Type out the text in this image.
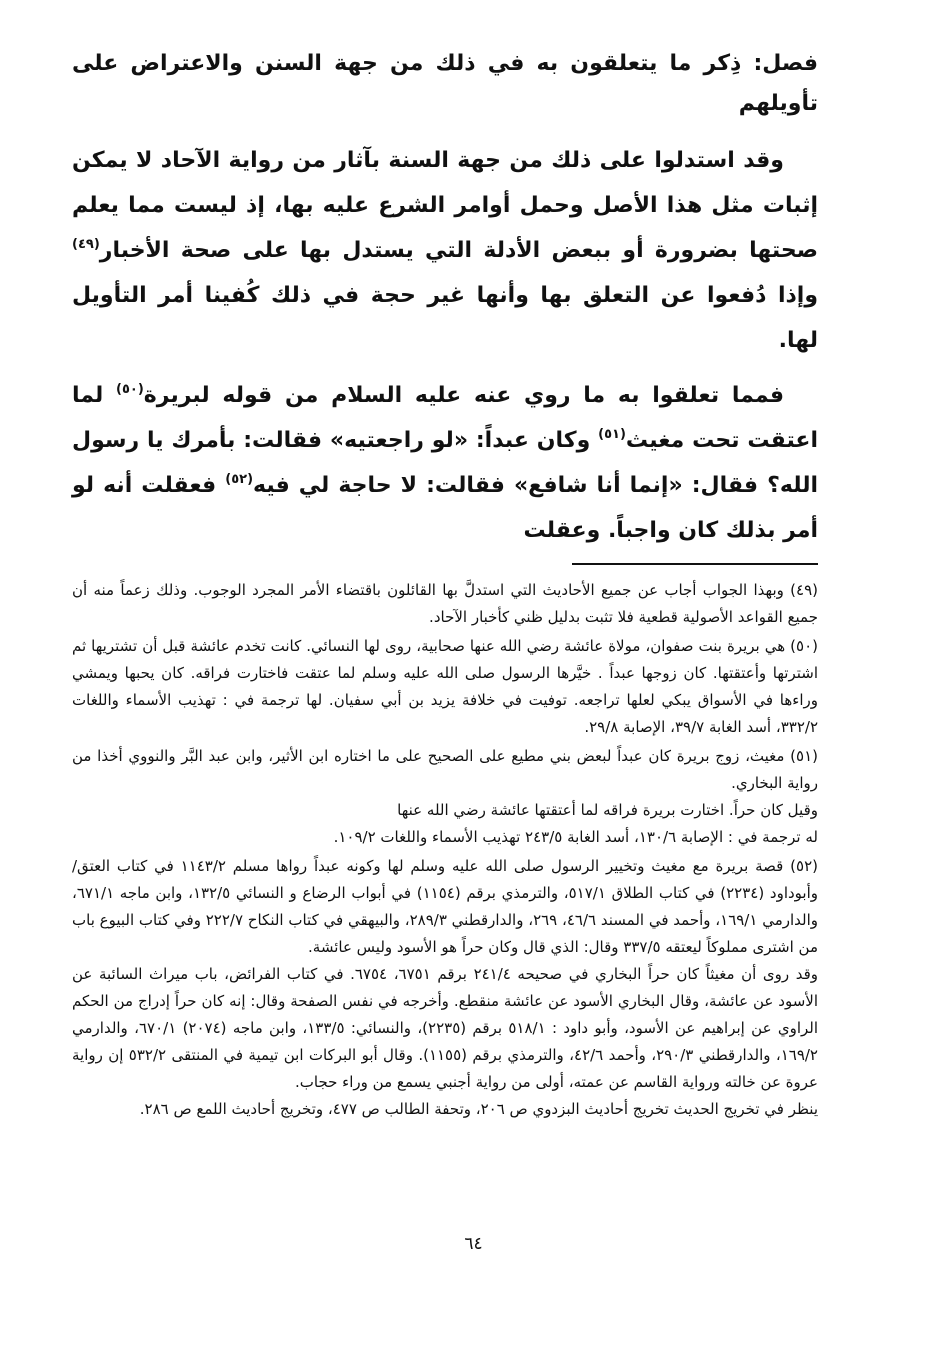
فصل: ذِكر ما يتعلقون به في ذلك من جهة السنن والاعتراض على تأويلهم

وقد استدلوا على ذلك من جهة السنة بآثار من رواية الآحاد لا يمكن إثبات مثل هذا الأصل وحمل أوامر الشرع عليه بها، إذ ليست مما يعلم صحتها بضرورة أو ببعض الأدلة التي يستدل بها على صحة الأخبار$^{(٤٩)}$ وإذا دُفعوا عن التعلق بها وأنها غير حجة في ذلك كُفينا أمر التأويل لها.

فمما تعلقوا به ما روي عنه عليه السلام من قوله لبريرة$^{(٥٠)}$ لما اعتقت تحت مغيث$^{(٥١)}$ وكان عبداً: «لو راجعتيه» فقالت: بأمرك يا رسول الله؟ فقال: «إنما أنا شافع» فقالت: لا حاجة لي فيه$^{(٥٢)}$ فعقلت أنه لو أمر بذلك كان واجباً. وعقلت

(٤٩) وبهذا الجواب أجاب عن جميع الأحاديث التي استدلَّ بها القائلون باقتضاء الأمر المجرد الوجوب. وذلك زعماً منه أن جميع القواعد الأصولية قطعية فلا تثبت بدليل ظني كأخبار الآحاد.
(٥٠) هي بريرة بنت صفوان، مولاة عائشة رضي الله عنها صحابية، روى لها النسائي. كانت تخدم عائشة قبل أن تشتريها ثم اشترتها وأعتقتها. كان زوجها عبداً . خيَّرها الرسول صلى الله عليه وسلم لما عتقت فاختارت فراقه. كان يحبها ويمشي وراءها في الأسواق يبكي لعلها تراجعه. توفيت في خلافة يزيد بن أبي سفيان. لها ترجمة في : تهذيب الأسماء واللغات ٣٣٢/٢، أسد الغابة ٣٩/٧، الإصابة ٢٩/٨.
(٥١) مغيث، زوج بريرة كان عبداً لبعض بني مطيع على الصحيح على ما اختاره ابن الأثير، وابن عبد البَّر والنووي أخذا من رواية البخاري.
وقيل كان حراً. اختارت بريرة فراقه لما أعتقتها عائشة رضي الله عنها
له ترجمة في : الإصابة ١٣٠/٦، أسد الغابة ٢٤٣/٥ تهذيب الأسماء واللغات ١٠٩/٢.
(٥٢) قصة بريرة مع مغيث وتخيير الرسول صلى الله عليه وسلم لها وكونه عبداً رواها مسلم ١١٤٣/٢ في كتاب العتق/ وأبوداود (٢٢٣٤) في كتاب الطلاق ٥١٧/١، والترمذي برقم (١١٥٤) في أبواب الرضاع و النسائي ١٣٢/٥، وابن ماجه ٦٧١/١، والدارمي ١٦٩/١، وأحمد في المسند ٤٦/٦، ٢٦٩، والدارقطني ٢٨٩/٣، والبيهقي في كتاب النكاح ٢٢٢/٧ وفي كتاب البيوع باب من اشترى مملوكاً ليعتقه ٣٣٧/٥ وقال: الذي قال وكان حراً هو الأسود وليس عائشة.
وقد روى أن مغيثاً كان حراً البخاري في صحيحه ٢٤١/٤ برقم ٦٧٥١، ٦٧٥٤. في كتاب الفرائض، باب ميراث السائبة عن الأسود عن عائشة، وقال البخاري الأسود عن عائشة منقطع. وأخرجه في نفس الصفحة وقال: إنه كان حراً إدراج من الحكم الراوي عن إبراهيم عن الأسود، وأبو داود : ٥١٨/١ برقم (٢٢٣٥)، والنسائي: ١٣٣/٥، وابن ماجه (٢٠٧٤) ٦٧٠/١، والدارمي ١٦٩/٢، والدارقطني ٢٩٠/٣، وأحمد ٤٢/٦، والترمذي برقم (١١٥٥). وقال أبو البركات ابن تيمية في المنتقى ٥٣٢/٢ إن رواية عروة عن خالته ورواية القاسم عن عمته، أولى من رواية أجنبي يسمع من وراء حجاب.
ينظر في تخريج الحديث تخريج أحاديث البزدوي ص ٢٠٦، وتحفة الطالب ص ٤٧٧، وتخريج أحاديث اللمع ص ٢٨٦.
٦٤
